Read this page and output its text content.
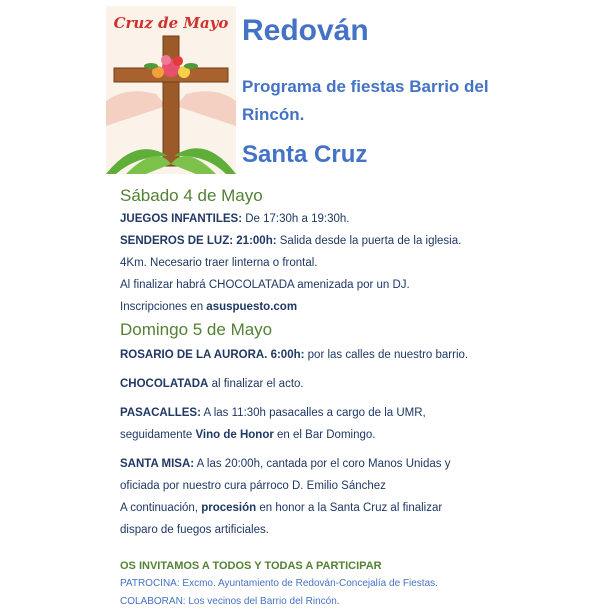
Cruz de Mayo Redován

Programa de fiestas Barrio del Rincón.

Santa Cruz

Sábado 4 de Mayo

JUEGOS INFANTILES: De 17:30h a 19:30h.

SENDEROS DE LUZ: 21:00h: Salida desde la puerta de la iglesia.

4Km. Necesario traer linterna o frontal.

Al finalizar habrá CHOCOLATADA amenizada por un DJ.

Inscripciones en asuspuesto.com

Domingo 5 de Mayo

ROSARIO DE LA AURORA. 6:00h: por las calles de nuestro barrio.

CHOCOLATADA al finalizar el acto.

PASACALLES: A las 11:30h pasacalles a cargo de la UMR,

seguidamente Vino de Honor en el Bar Domingo.

SANTA MISA: A las 20:00h, cantada por el coro Manos Unidas y

oficiada por nuestro cura párroco D. Emilio Sánchez

A continuación, procesión en honor a la Santa Cruz al finalizar

disparo de fuegos artificiales.

OS INVITAMOS A TODOS Y TODAS A PARTICIPAR

PATROCINA: Excmo. Ayuntamiento de Redován-Concejalía de Fiestas.

COLABORAN: Los vecinos del Barrio del Rincón.
